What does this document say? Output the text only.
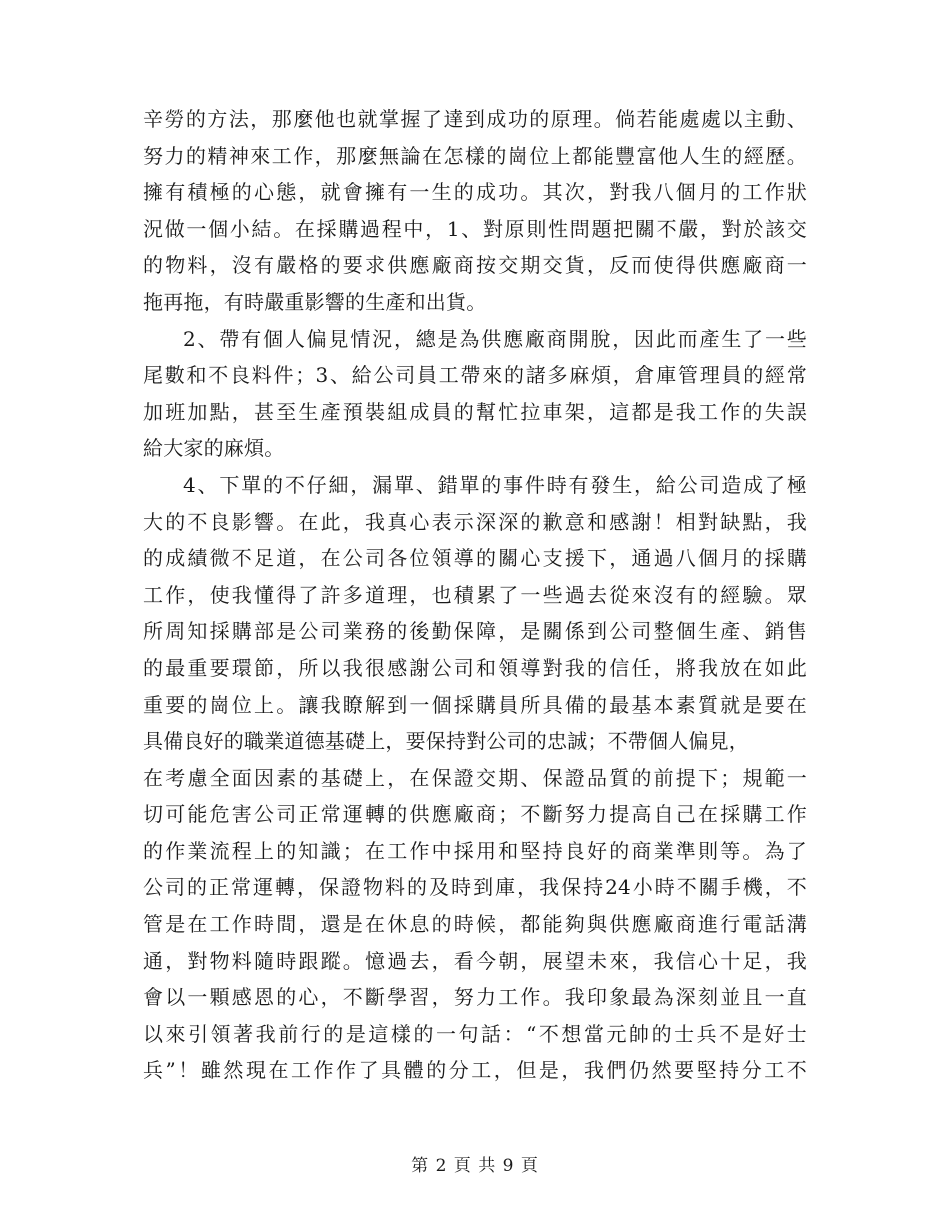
辛勞的方法，那麼他也就掌握了達到成功的原理。倘若能處處以主動、
努力的精神來工作，那麼無論在怎樣的崗位上都能豐富他人生的經歷。
擁有積極的心態，就會擁有一生的成功。其次，對我八個月的工作狀
況做一個小結。在採購過程中，1、對原則性問題把關不嚴，對於該交
的物料，沒有嚴格的要求供應廠商按交期交貨，反而使得供應廠商一
拖再拖，有時嚴重影響的生產和出貨。
2、帶有個人偏見情況，總是為供應廠商開脫，因此而產生了一些
尾數和不良料件；3、給公司員工帶來的諸多麻煩，倉庫管理員的經常
加班加點，甚至生產預裝組成員的幫忙拉車架，這都是我工作的失誤
給大家的麻煩。
4、下單的不仔細，漏單、錯單的事件時有發生，給公司造成了極
大的不良影響。在此，我真心表示深深的歉意和感謝！相對缺點，我
的成績微不足道，在公司各位領導的關心支援下，通過八個月的採購
工作，使我懂得了許多道理，也積累了一些過去從來沒有的經驗。眾
所周知採購部是公司業務的後勤保障，是關係到公司整個生產、銷售
的最重要環節，所以我很感謝公司和領導對我的信任，將我放在如此
重要的崗位上。讓我瞭解到一個採購員所具備的最基本素質就是要在
具備良好的職業道德基礎上，要保持對公司的忠誠；不帶個人偏見，
在考慮全面因素的基礎上，在保證交期、保證品質的前提下；規範一
切可能危害公司正常運轉的供應廠商；不斷努力提高自己在採購工作
的作業流程上的知識；在工作中採用和堅持良好的商業準則等。為了
公司的正常運轉，保證物料的及時到庫，我保持24小時不關手機，不
管是在工作時間，還是在休息的時候，都能夠與供應廠商進行電話溝
通，對物料隨時跟蹤。憶過去，看今朝，展望未來，我信心十足，我
會以一顆感恩的心，不斷學習，努力工作。我印象最為深刻並且一直
以來引領著我前行的是這樣的一句話：“不想當元帥的士兵不是好士
兵”！雖然現在工作作了具體的分工，但是，我們仍然要堅持分工不
第 2 頁 共 9 頁
